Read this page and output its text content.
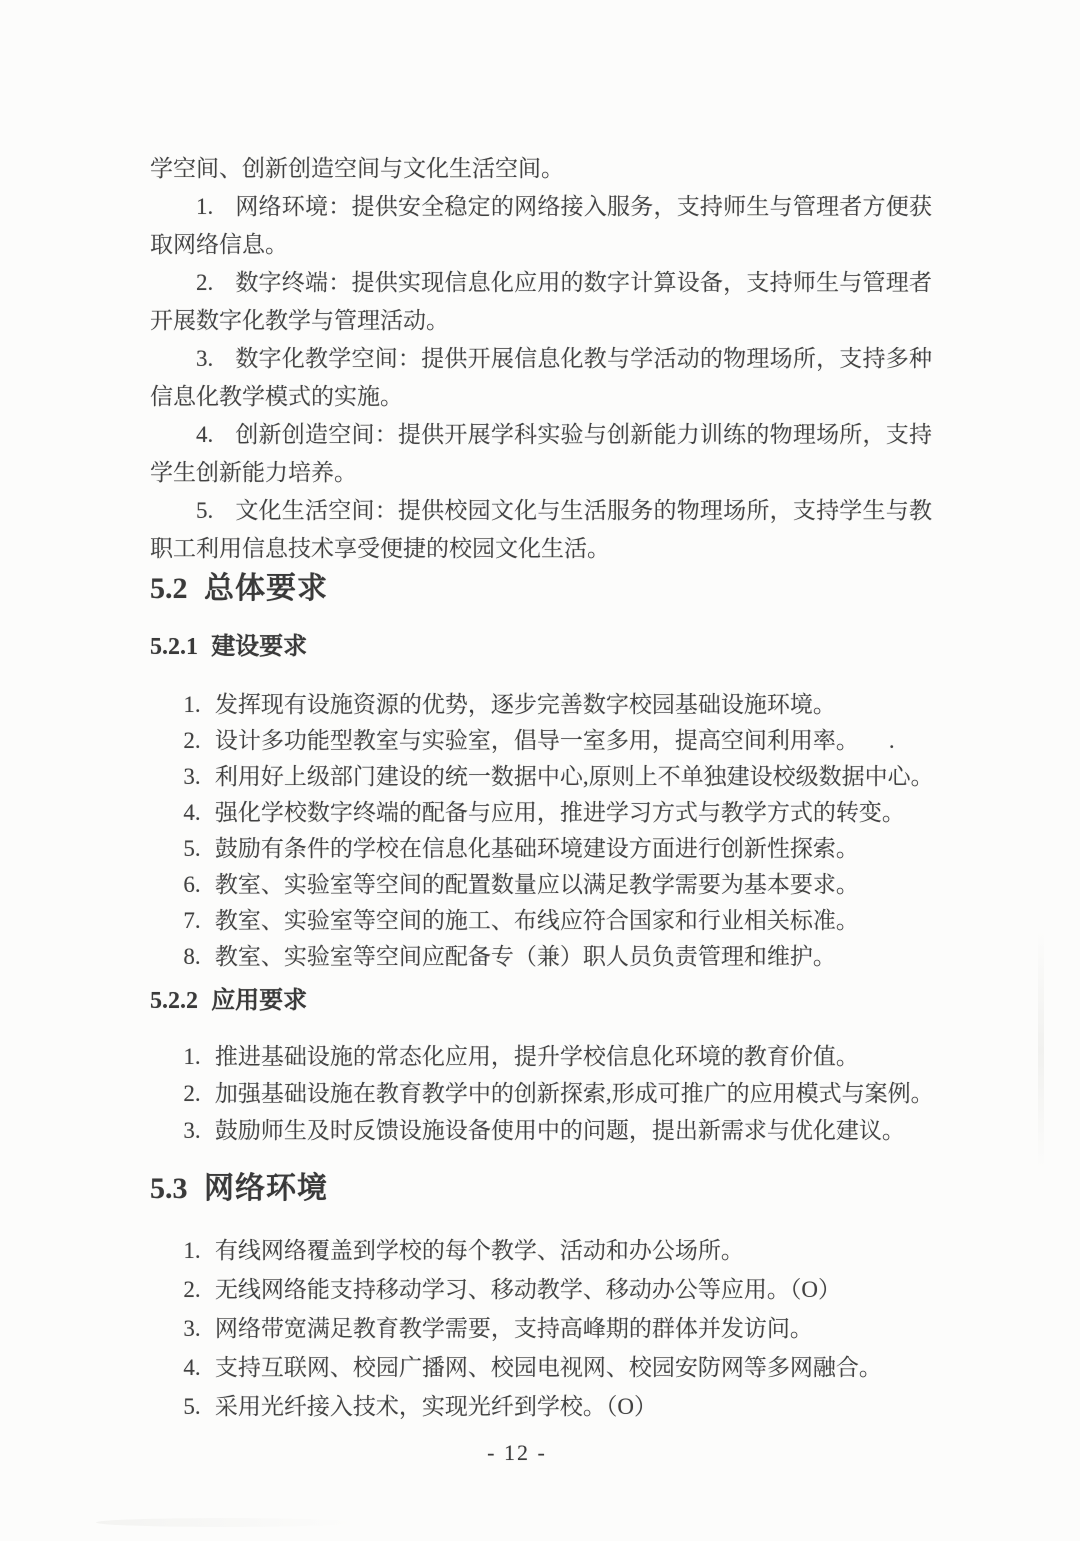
学空间、创新创造空间与文化生活空间。

1. 网络环境：提供安全稳定的网络接入服务，支持师生与管理者方便获取网络信息。

2. 数字终端：提供实现信息化应用的数字计算设备，支持师生与管理者开展数字化教学与管理活动。

3. 数字化教学空间：提供开展信息化教与学活动的物理场所，支持多种信息化教学模式的实施。

4. 创新创造空间：提供开展学科实验与创新能力训练的物理场所，支持学生创新能力培养。

5. 文化生活空间：提供校园文化与生活服务的物理场所，支持学生与教职工利用信息技术享受便捷的校园文化生活。

5.2 总体要求
5.2.1 建设要求
1. 发挥现有设施资源的优势，逐步完善数字校园基础设施环境。
2. 设计多功能型教室与实验室，倡导一室多用，提高空间利用率。 .
3. 利用好上级部门建设的统一数据中心,原则上不单独建设校级数据中心。
4. 强化学校数字终端的配备与应用，推进学习方式与教学方式的转变。
5. 鼓励有条件的学校在信息化基础环境建设方面进行创新性探索。
6. 教室、实验室等空间的配置数量应以满足教学需要为基本要求。
7. 教室、实验室等空间的施工、布线应符合国家和行业相关标准。
8. 教室、实验室等空间应配备专（兼）职人员负责管理和维护。
5.2.2 应用要求
1. 推进基础设施的常态化应用，提升学校信息化环境的教育价值。
2. 加强基础设施在教育教学中的创新探索,形成可推广的应用模式与案例。
3. 鼓励师生及时反馈设施设备使用中的问题，提出新需求与优化建议。
5.3 网络环境
1. 有线网络覆盖到学校的每个教学、活动和办公场所。
2. 无线网络能支持移动学习、移动教学、移动办公等应用。（O）
3. 网络带宽满足教育教学需要，支持高峰期的群体并发访问。
4. 支持互联网、校园广播网、校园电视网、校园安防网等多网融合。
5. 采用光纤接入技术，实现光纤到学校。（O）
- 12 -
